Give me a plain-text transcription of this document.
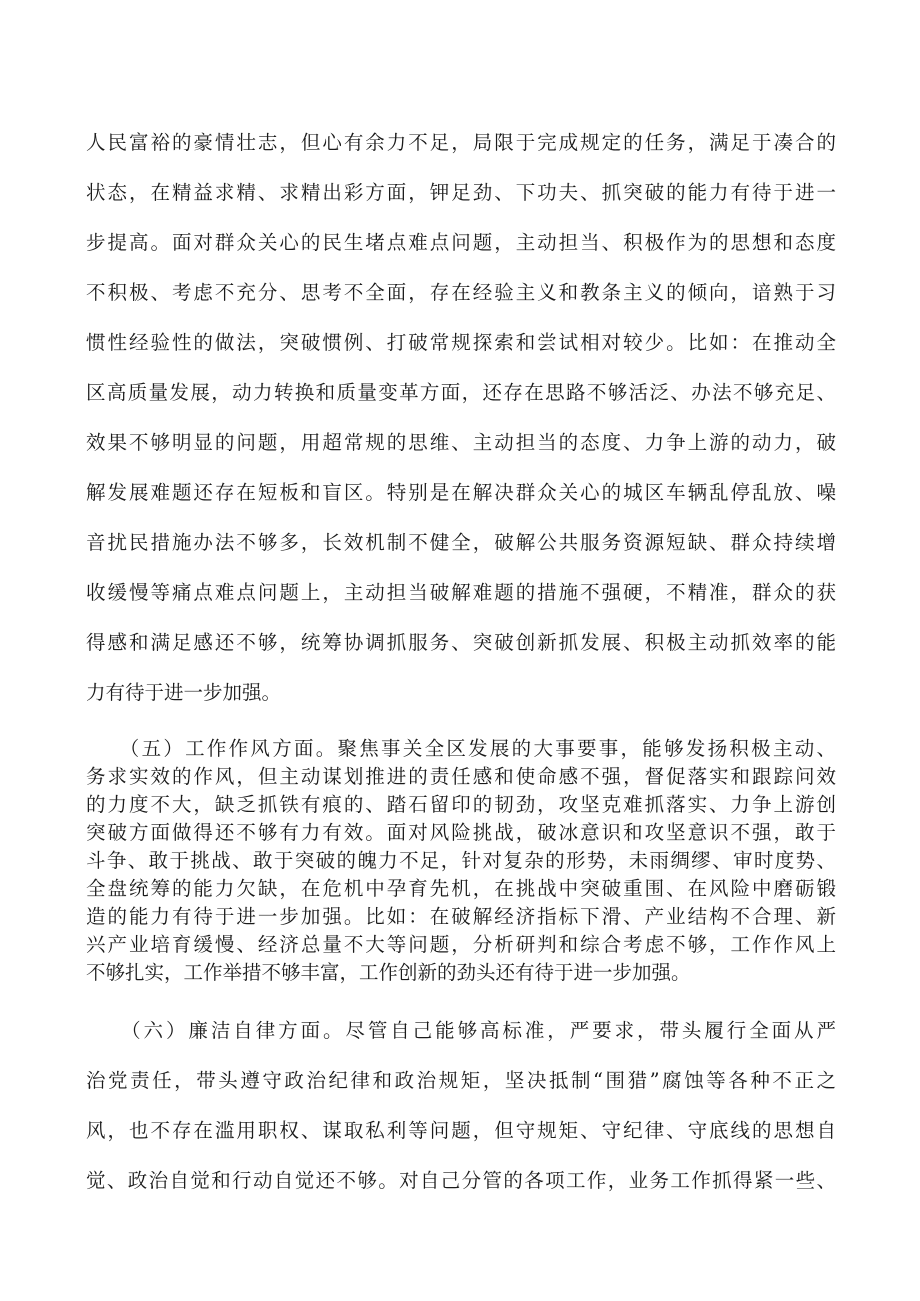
人民富裕的豪情壮志，但心有余力不足，局限于完成规定的任务，满足于凑合的
状态，在精益求精、求精出彩方面，钾足劲、下功夫、抓突破的能力有待于进一
步提高。面对群众关心的民生堵点难点问题，主动担当、积极作为的思想和态度
不积极、考虑不充分、思考不全面，存在经验主义和教条主义的倾向，谙熟于习
惯性经验性的做法，突破惯例、打破常规探索和尝试相对较少。比如：在推动全
区高质量发展，动力转换和质量变革方面，还存在思路不够活泛、办法不够充足、
效果不够明显的问题，用超常规的思维、主动担当的态度、力争上游的动力，破
解发展难题还存在短板和盲区。特别是在解决群众关心的城区车辆乱停乱放、噪
音扰民措施办法不够多，长效机制不健全，破解公共服务资源短缺、群众持续增
收缓慢等痛点难点问题上，主动担当破解难题的措施不强硬，不精准，群众的获
得感和满足感还不够，统筹协调抓服务、突破创新抓发展、积极主动抓效率的能
力有待于进一步加强。
　　（五）工作作风方面。聚焦事关全区发展的大事要事，能够发扬积极主动、
务求实效的作风，但主动谋划推进的责任感和使命感不强，督促落实和跟踪问效
的力度不大，缺乏抓铁有痕的、踏石留印的韧劲，攻坚克难抓落实、力争上游创
突破方面做得还不够有力有效。面对风险挑战，破冰意识和攻坚意识不强，敢于
斗争、敢于挑战、敢于突破的魄力不足，针对复杂的形势，未雨绸缪、审时度势、
全盘统筹的能力欠缺，在危机中孕育先机，在挑战中突破重围、在风险中磨砺锻
造的能力有待于进一步加强。比如：在破解经济指标下滑、产业结构不合理、新
兴产业培育缓慢、经济总量不大等问题，分析研判和综合考虑不够，工作作风上
不够扎实，工作举措不够丰富，工作创新的劲头还有待于进一步加强。
　　（六）廉洁自律方面。尽管自己能够高标准，严要求，带头履行全面从严
治党责任，带头遵守政治纪律和政治规矩，坚决抵制“围猎”腐蚀等各种不正之
风，也不存在滥用职权、谋取私利等问题，但守规矩、守纪律、守底线的思想自
觉、政治自觉和行动自觉还不够。对自己分管的各项工作，业务工作抓得紧一些、
